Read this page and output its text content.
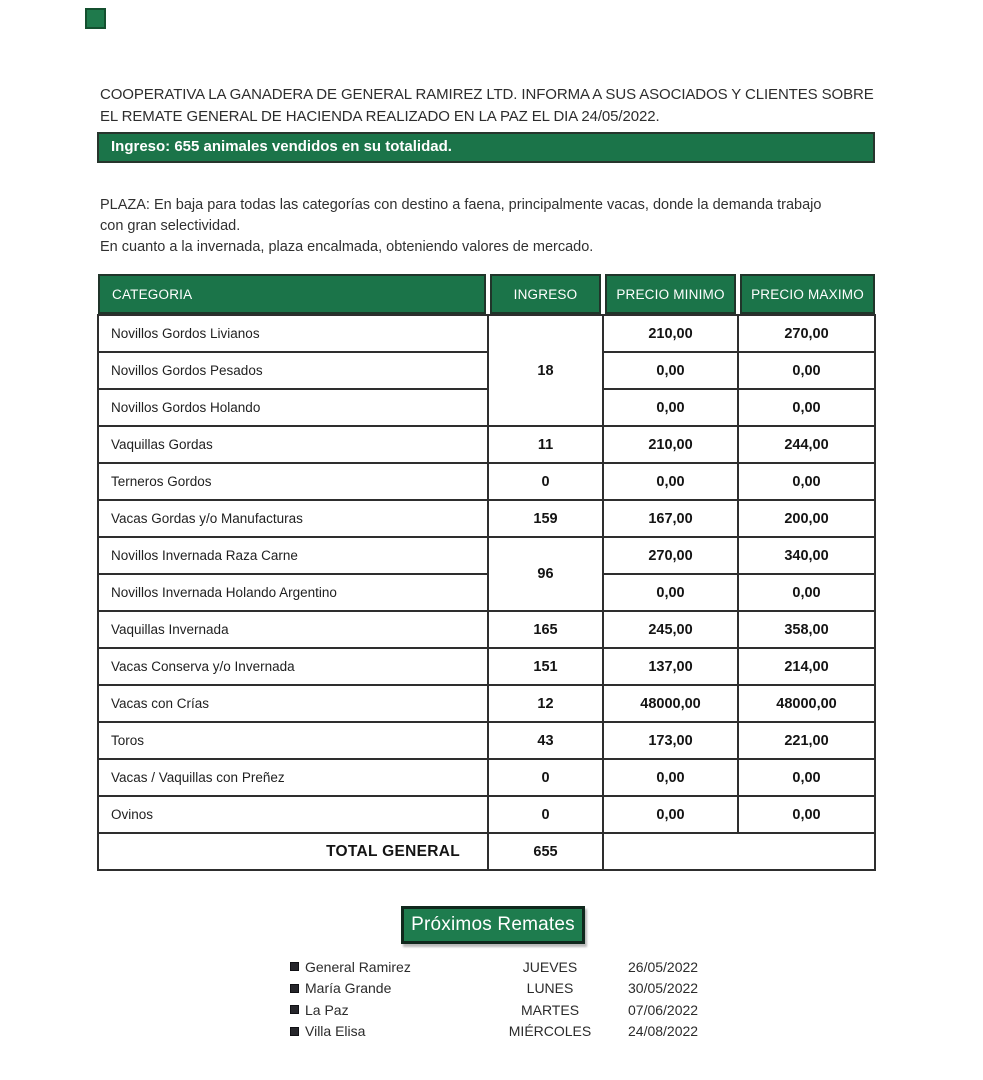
COOPERATIVA LA GANADERA DE GENERAL RAMIREZ LTD. INFORMA A SUS ASOCIADOS Y CLIENTES SOBRE
EL REMATE GENERAL DE HACIENDA REALIZADO EN LA PAZ EL DIA 24/05/2022.
Ingreso: 655 animales vendidos en su totalidad.
PLAZA: En baja para todas las categorías con destino a faena, principalmente vacas, donde la demanda trabajo
con gran selectividad.
En cuanto a la invernada, plaza encalmada, obteniendo valores de mercado.
CATEGORIA	INGRESO	PRECIO MINIMO	PRECIO MAXIMO

Novillos Gordos Livianos	18	210,00	270,00
Novillos Gordos Pesados		0,00	0,00
Novillos Gordos Holando		0,00	0,00
Vaquillas Gordas	11	210,00	244,00
Terneros Gordos	0	0,00	0,00
Vacas Gordas y/o Manufacturas	159	167,00	200,00
Novillos Invernada Raza Carne	96	270,00	340,00
Novillos Invernada Holando Argentino		0,00	0,00
Vaquillas Invernada	165	245,00	358,00
Vacas Conserva y/o Invernada	151	137,00	214,00
Vacas con Crías	12	48000,00	48000,00
Toros	43	173,00	221,00
Vacas / Vaquillas con Preñez	0	0,00	0,00
Ovinos	0	0,00	0,00
TOTAL GENERAL	655		
Próximos Remates
General Ramirez	JUEVES	26/05/2022
María Grande	LUNES	30/05/2022
La Paz	MARTES	07/06/2022
Villa Elisa	MIÉRCOLES	24/08/2022
